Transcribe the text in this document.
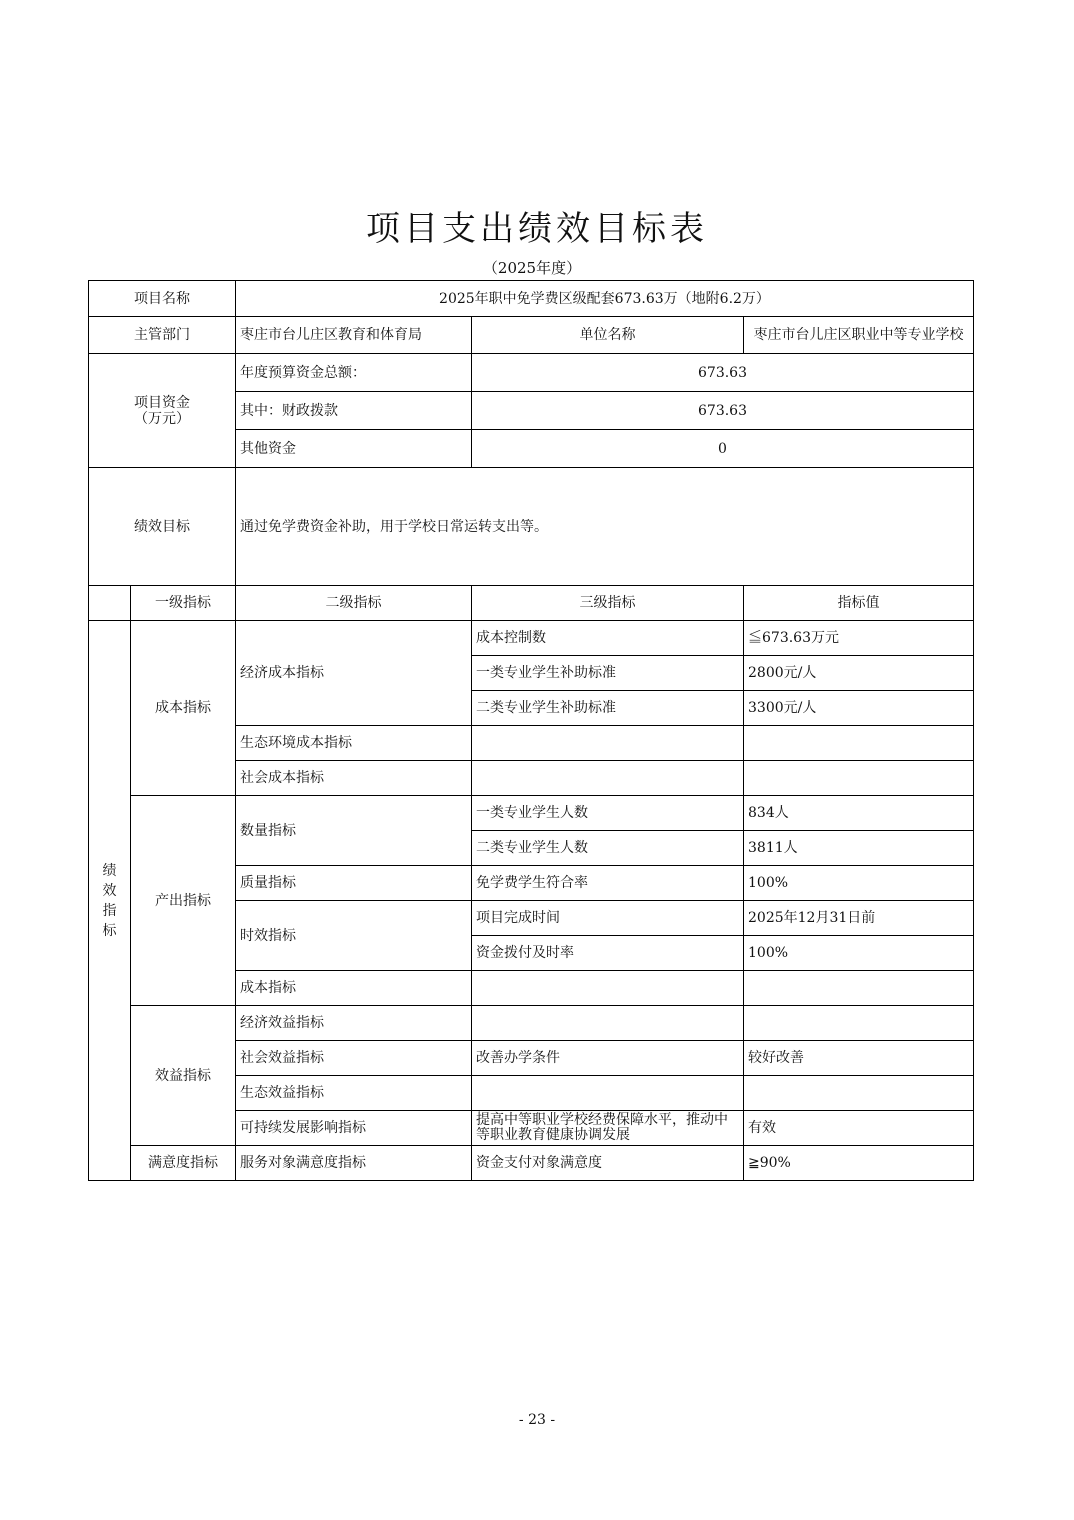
项目支出绩效目标表
（2025年度）
项目名称		2025年职中免学费区级配套673.63万（地附6.2万）		
主管部门		枣庄市台儿庄区教育和体育局	单位名称	枣庄市台儿庄区职业中等专业学校
项目资金
（万元）		年度预算资金总额：	673.63	
		其中：财政拨款	673.63	
		其他资金	0	
绩效目标		通过免学费资金补助，用于学校日常运转支出等。		
	一级指标	二级指标	三级指标	指标值
绩效指标	成本指标	经济成本指标	成本控制数	≦673.63万元
			一类专业学生补助标准	2800元/人
			二类专业学生补助标准	3300元/人
		生态环境成本指标		
		社会成本指标		
	产出指标	数量指标	一类专业学生人数	834人
			二类专业学生人数	3811人
		质量指标	免学费学生符合率	100%
		时效指标	项目完成时间	2025年12月31日前
			资金拨付及时率	100%
		成本指标		
	效益指标	经济效益指标		
		社会效益指标	改善办学条件	较好改善
		生态效益指标		
		可持续发展影响指标	提高中等职业学校经费保障水平，推动中等职业教育健康协调发展	有效
	满意度指标	服务对象满意度指标	资金支付对象满意度	≧90%
- 23 -
